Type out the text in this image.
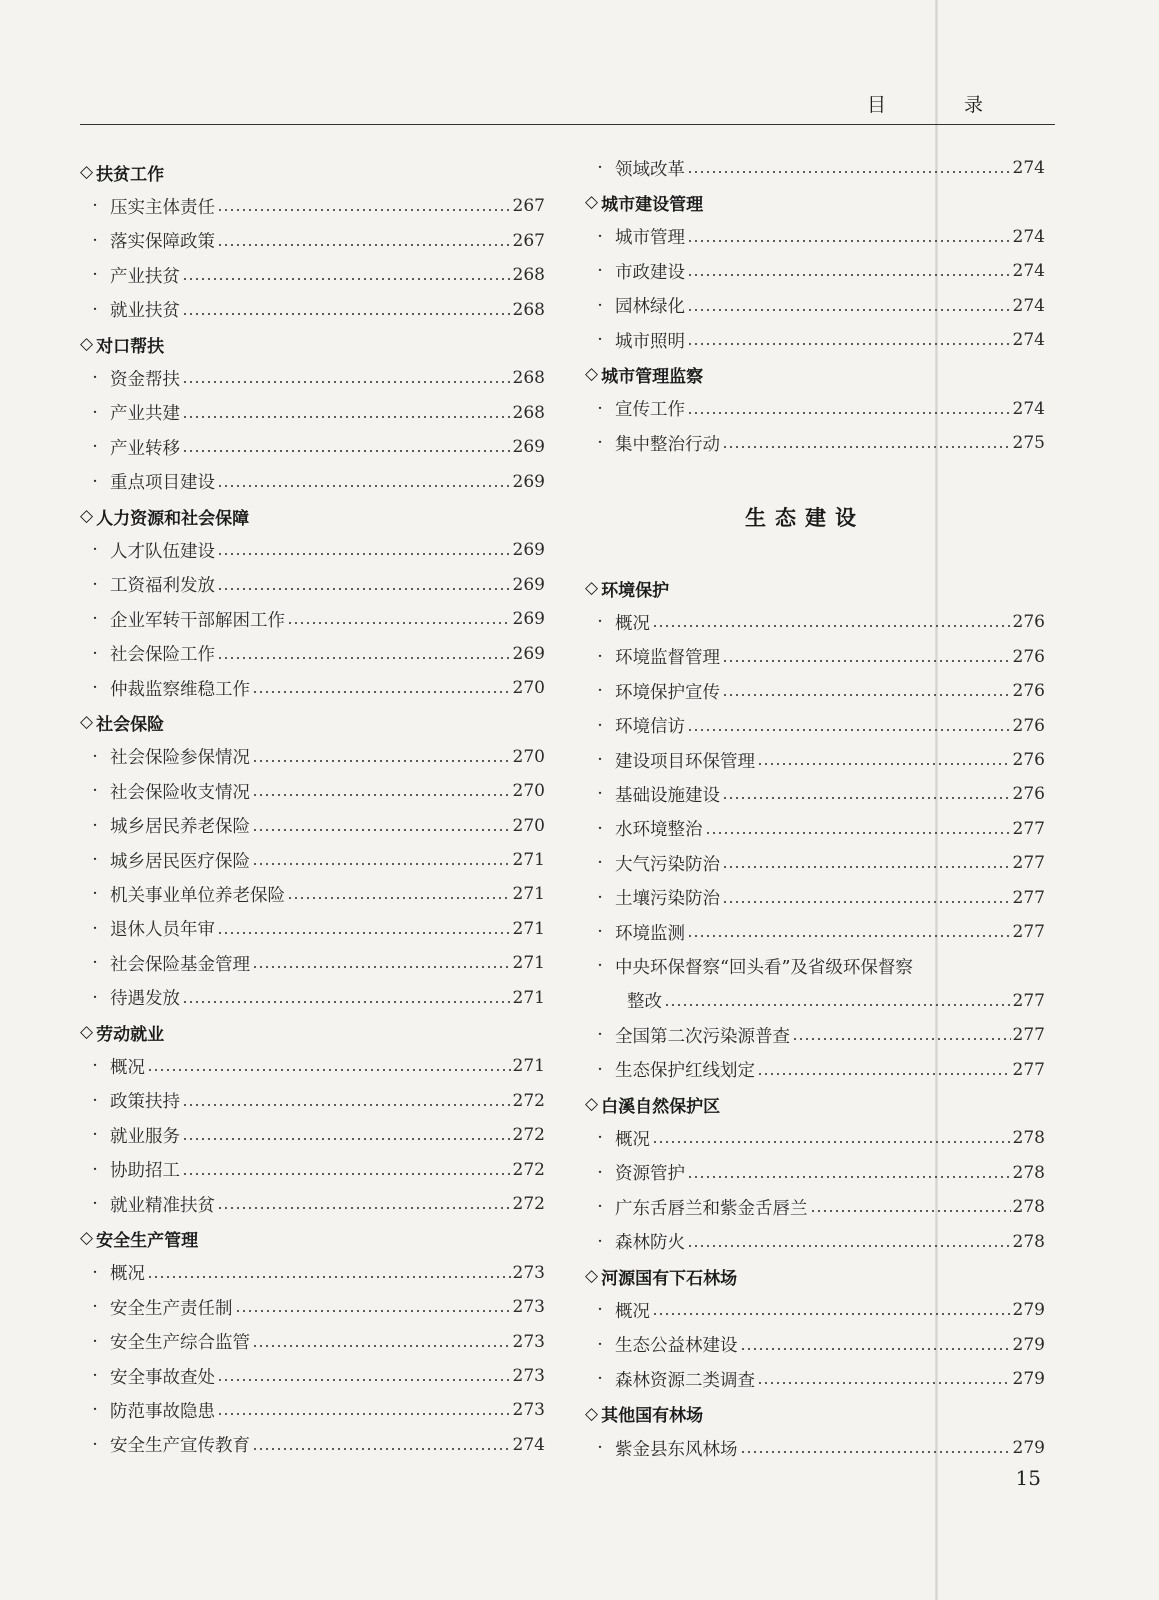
目 录
◇ 扶贫工作
· 压实主体责任	267
· 落实保障政策	267
· 产业扶贫	268
· 就业扶贫	268
◇ 对口帮扶
· 资金帮扶	268
· 产业共建	268
· 产业转移	269
· 重点项目建设	269
◇ 人力资源和社会保障
· 人才队伍建设	269
· 工资福利发放	269
· 企业军转干部解困工作	269
· 社会保险工作	269
· 仲裁监察维稳工作	270
◇ 社会保险
· 社会保险参保情况	270
· 社会保险收支情况	270
· 城乡居民养老保险	270
· 城乡居民医疗保险	271
· 机关事业单位养老保险	271
· 退休人员年审	271
· 社会保险基金管理	271
· 待遇发放	271
◇ 劳动就业
· 概况	271
· 政策扶持	272
· 就业服务	272
· 协助招工	272
· 就业精准扶贫	272
◇ 安全生产管理
· 概况	273
· 安全生产责任制	273
· 安全生产综合监管	273
· 安全事故查处	273
· 防范事故隐患	273
· 安全生产宣传教育	274
· 领域改革	274
◇ 城市建设管理
· 城市管理	274
· 市政建设	274
· 园林绿化	274
· 城市照明	274
◇ 城市管理监察
· 宣传工作	274
· 集中整治行动	275
生态建设
◇ 环境保护
· 概况	276
· 环境监督管理	276
· 环境保护宣传	276
· 环境信访	276
· 建设项目环保管理	276
· 基础设施建设	276
· 水环境整治	277
· 大气污染防治	277
· 土壤污染防治	277
· 环境监测	277
· 中央环保督察“回头看”及省级环保督察
整改	277
· 全国第二次污染源普查	277
· 生态保护红线划定	277
◇ 白溪自然保护区
· 概况	278
· 资源管护	278
· 广东舌唇兰和紫金舌唇兰	278
· 森林防火	278
◇ 河源国有下石林场
· 概况	279
· 生态公益林建设	279
· 森林资源二类调查	279
◇ 其他国有林场
· 紫金县东风林场	279
15
